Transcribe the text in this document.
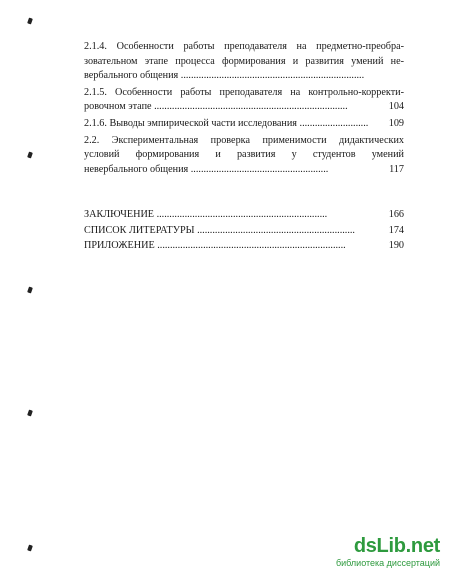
2.1.4. Особенности работы преподавателя на предметно-преобра-
зовательном этапе процесса формирования и развития умений не-
вербального общения ........................................................................
2.1.5. Особенности работы преподавателя на контрольно-корректи-
ровочном этапе ............................................................................	104
2.1.6. Выводы эмпирической части исследования ...........................	109
2.2. Экспериментальная проверка применимости дидактических
условий формирования и развития у студентов умений
невербального общения ......................................................	117
ЗАКЛЮЧЕНИЕ ...................................................................	166
СПИСОК ЛИТЕРАТУРЫ ..............................................................	174
ПРИЛОЖЕНИЕ ..........................................................................	190
dsLib.net
библиотека диссертаций
